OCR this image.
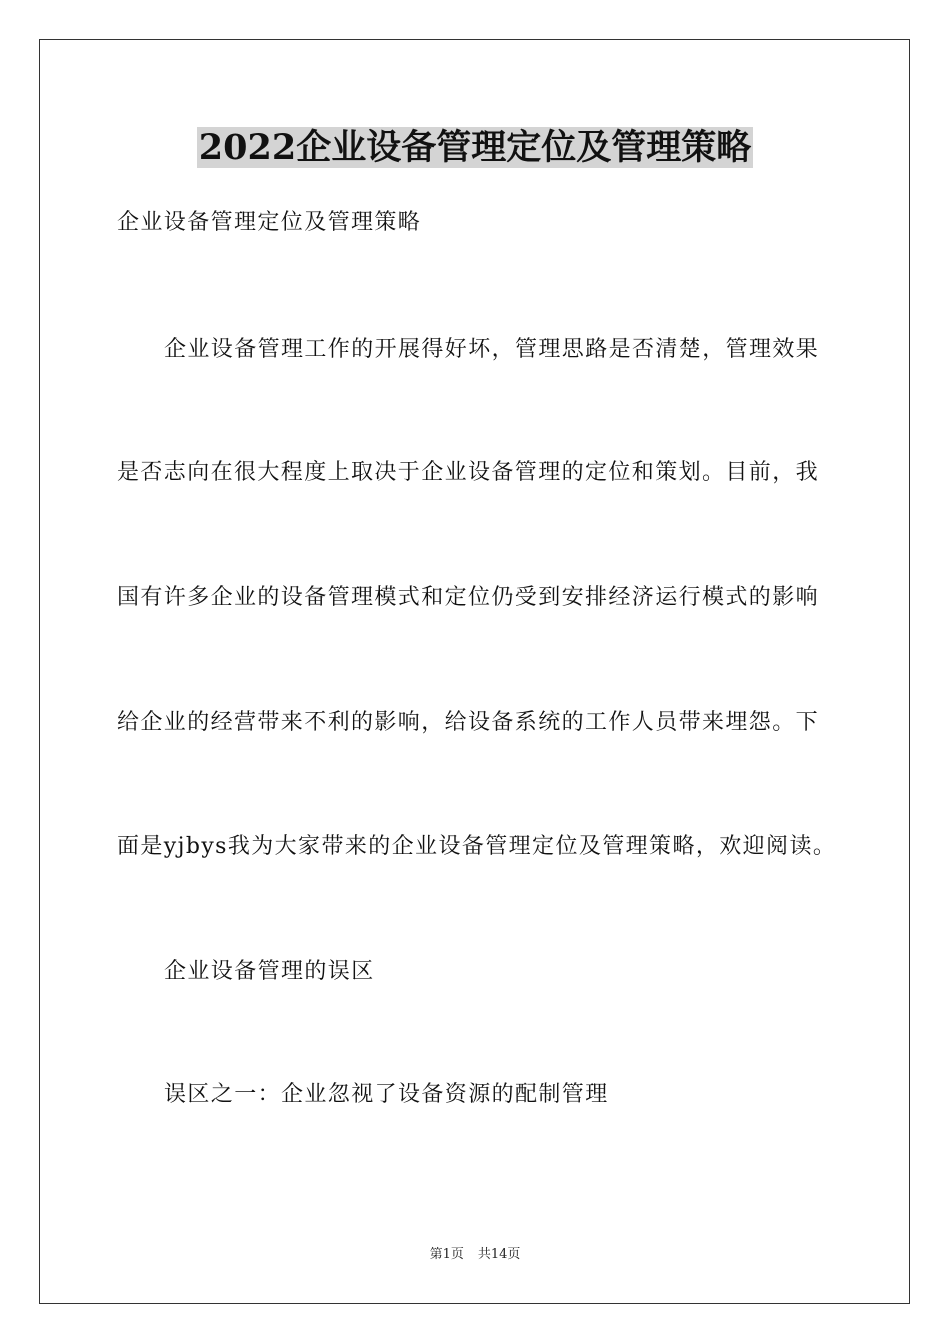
2022企业设备管理定位及管理策略
企业设备管理定位及管理策略
企业设备管理工作的开展得好坏，管理思路是否清楚，管理效果
是否志向在很大程度上取决于企业设备管理的定位和策划。目前，我
国有许多企业的设备管理模式和定位仍受到安排经济运行模式的影响
给企业的经营带来不利的影响，给设备系统的工作人员带来埋怨。下
面是yjbys我为大家带来的企业设备管理定位及管理策略，欢迎阅读。
企业设备管理的误区
误区之一：企业忽视了设备资源的配制管理
第1页 共14页
